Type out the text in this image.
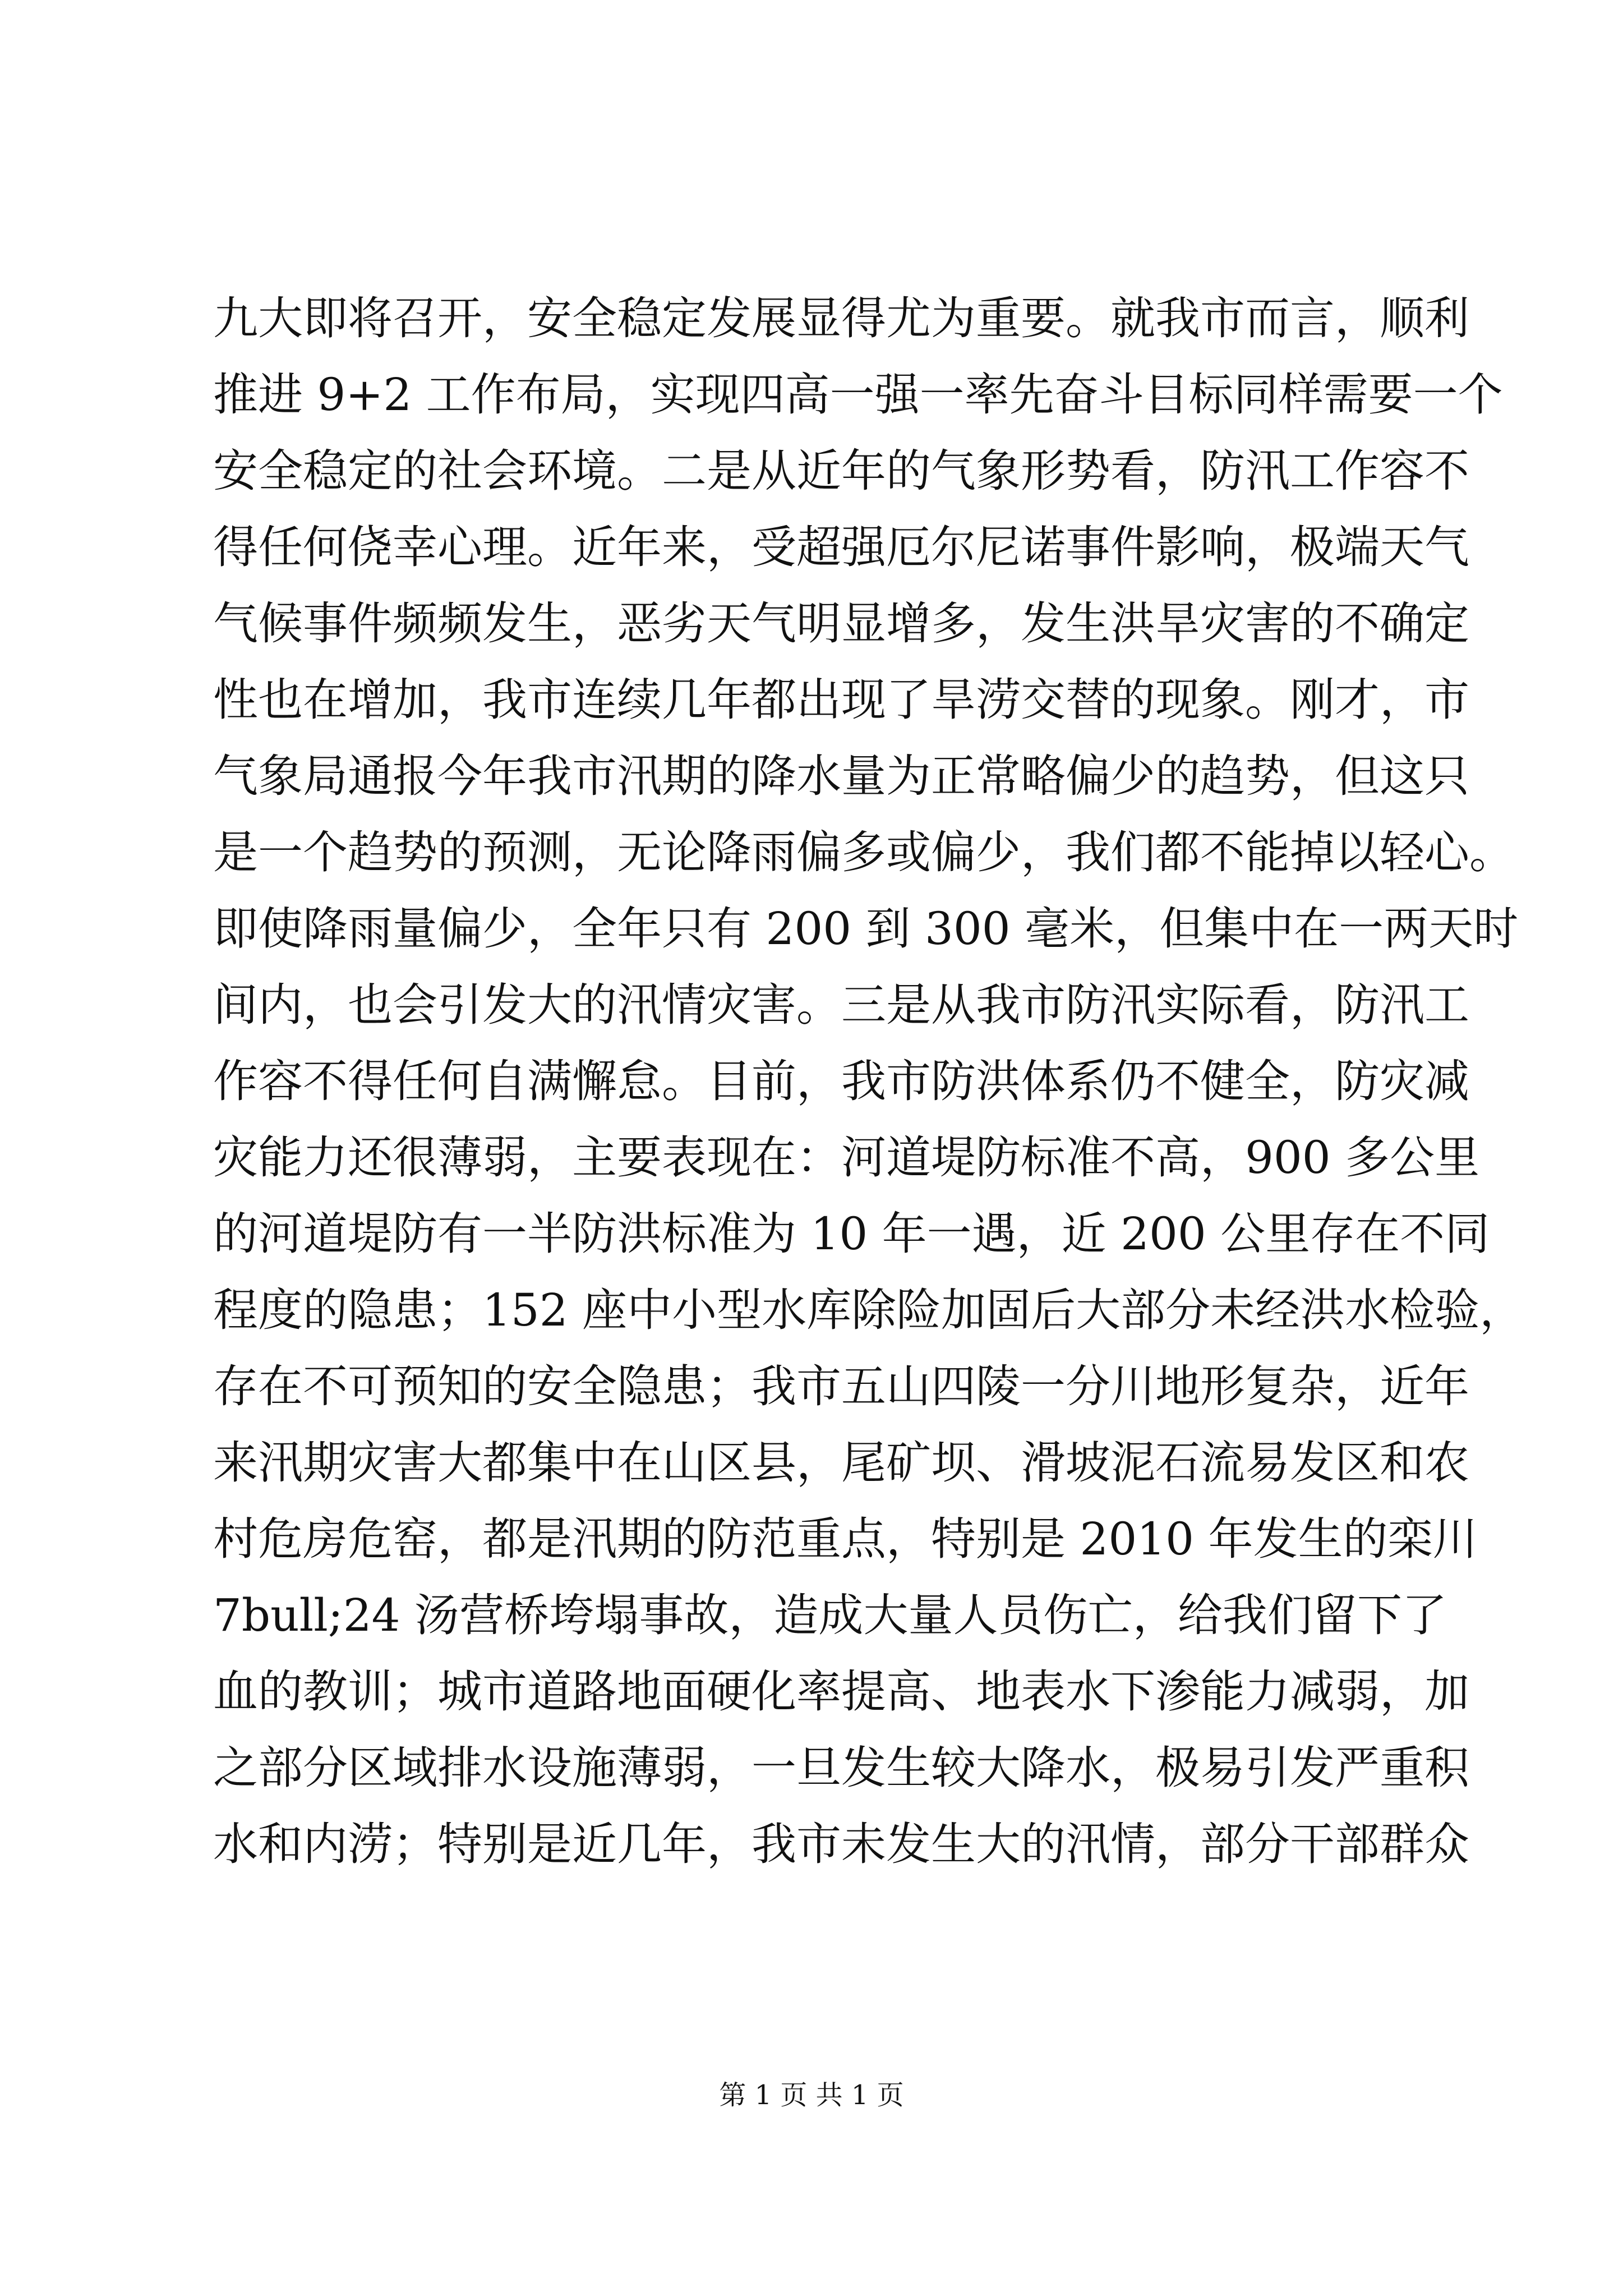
九大即将召开，安全稳定发展显得尤为重要。就我市而言，顺利
推进 9+2 工作布局，实现四高一强一率先奋斗目标同样需要一个
安全稳定的社会环境。二是从近年的气象形势看，防汛工作容不
得任何侥幸心理。近年来，受超强厄尔尼诺事件影响，极端天气
气候事件频频发生，恶劣天气明显增多，发生洪旱灾害的不确定
性也在增加，我市连续几年都出现了旱涝交替的现象。刚才，市
气象局通报今年我市汛期的降水量为正常略偏少的趋势，但这只
是一个趋势的预测，无论降雨偏多或偏少，我们都不能掉以轻心。
即使降雨量偏少，全年只有 200 到 300 毫米，但集中在一两天时
间内，也会引发大的汛情灾害。三是从我市防汛实际看，防汛工
作容不得任何自满懈怠。目前，我市防洪体系仍不健全，防灾减
灾能力还很薄弱，主要表现在：河道堤防标准不高，900 多公里
的河道堤防有一半防洪标准为 10 年一遇，近 200 公里存在不同
程度的隐患；152 座中小型水库除险加固后大部分未经洪水检验，
存在不可预知的安全隐患；我市五山四陵一分川地形复杂，近年
来汛期灾害大都集中在山区县，尾矿坝、滑坡泥石流易发区和农
村危房危窑，都是汛期的防范重点，特别是 2010 年发生的栾川
7bull;24 汤营桥垮塌事故，造成大量人员伤亡，给我们留下了
血的教训；城市道路地面硬化率提高、地表水下渗能力减弱，加
之部分区域排水设施薄弱，一旦发生较大降水，极易引发严重积
水和内涝；特别是近几年，我市未发生大的汛情，部分干部群众
第 1 页 共 1 页
